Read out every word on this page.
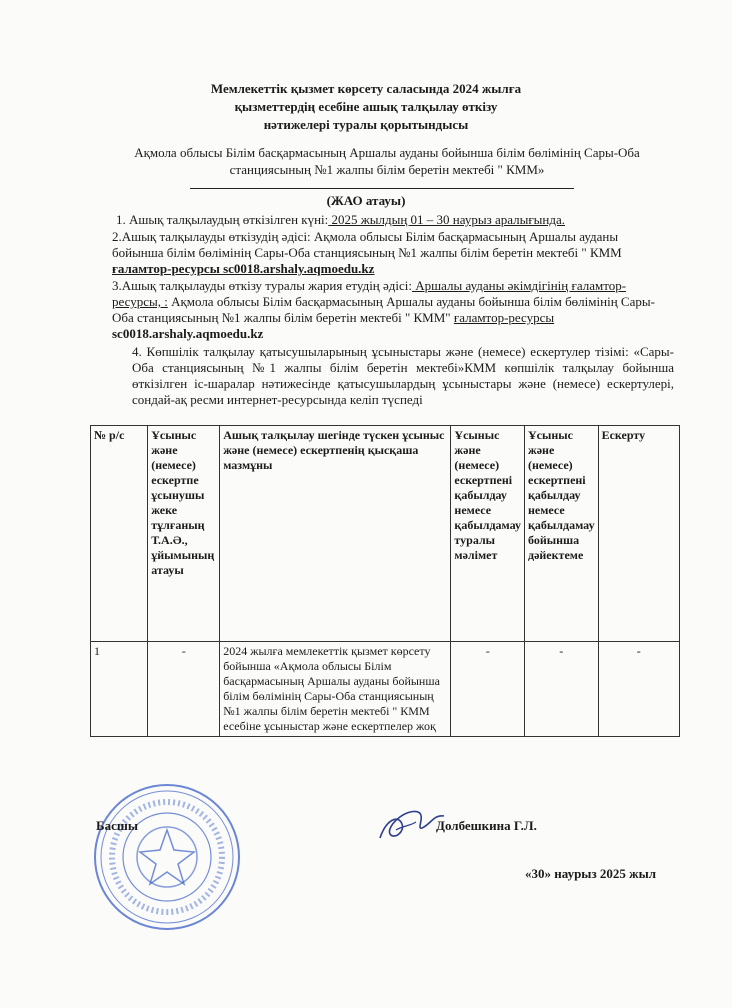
Мемлекеттік қызмет көрсету саласында 2024 жылға
қызметтердің есебіне ашық талқылау өткізу
нәтижелері туралы қорытындысы
Ақмола облысы Білім басқармасының Аршалы ауданы бойынша білім бөлімінің Сары-Оба
станциясының №1 жалпы білім беретін мектебі " КММ»
(ЖАО атауы)
1. Ашық талқылаудың өткізілген күні: 2025 жылдың 01 – 30 наурыз аралығында.
2.Ашық талқылауды өткізудің әдісі: Ақмола облысы Білім басқармасының Аршалы ауданы бойынша білім бөлімінің Сары-Оба станциясының №1 жалпы білім беретін мектебі " КММ ғаламтор-ресурсы sc0018.arshaly.aqmoedu.kz
3.Ашық талқылауды өткізу туралы жария етудің әдісі: Аршалы ауданы әкімдігінің ғаламтор-ресурсы, : Ақмола облысы Білім басқармасының Аршалы ауданы бойынша білім бөлімінің Сары-Оба станциясының №1 жалпы білім беретін мектебі " КММ" ғаламтор-ресурсы
sc0018.arshaly.aqmoedu.kz
4. Көпшілік талқылау қатысушыларының ұсыныстары және (немесе) ескертулер тізімі: «Сары-Оба станциясының №1 жалпы білім беретін мектебі»КММ көпшілік талқылау бойынша өткізілген іс-шаралар нәтижесінде қатысушылардың ұсыныстары және (немесе) ескертулері, сондай-ақ ресми интернет-ресурсында келіп түспеді
№ р/с	Ұсыныс және (немесе) ескертпе ұсынушы жеке тұлғаның Т.А.Ә., ұйымының атауы	Ашық талқылау шегінде түскен ұсыныс және (немесе) ескертпенің қысқаша мазмұны	Ұсыныс және (немесе) ескертпені қабылдау немесе қабылдамау туралы мәлімет	Ұсыныс және (немесе) ескертпені қабылдау немесе қабылдамау бойынша дәйектеме	Ескерту
1	-	2024 жылға мемлекеттік қызмет көрсету бойынша «Ақмола облысы Білім басқармасының Аршалы ауданы бойынша білім бөлімінің Сары-Оба станциясының №1 жалпы білім беретін мектебі " КММ есебіне ұсыныстар және ескертпелер жоқ	-	-	-
Басшы	Долбешкина Г.Л.
«30» наурыз 2025 жыл
